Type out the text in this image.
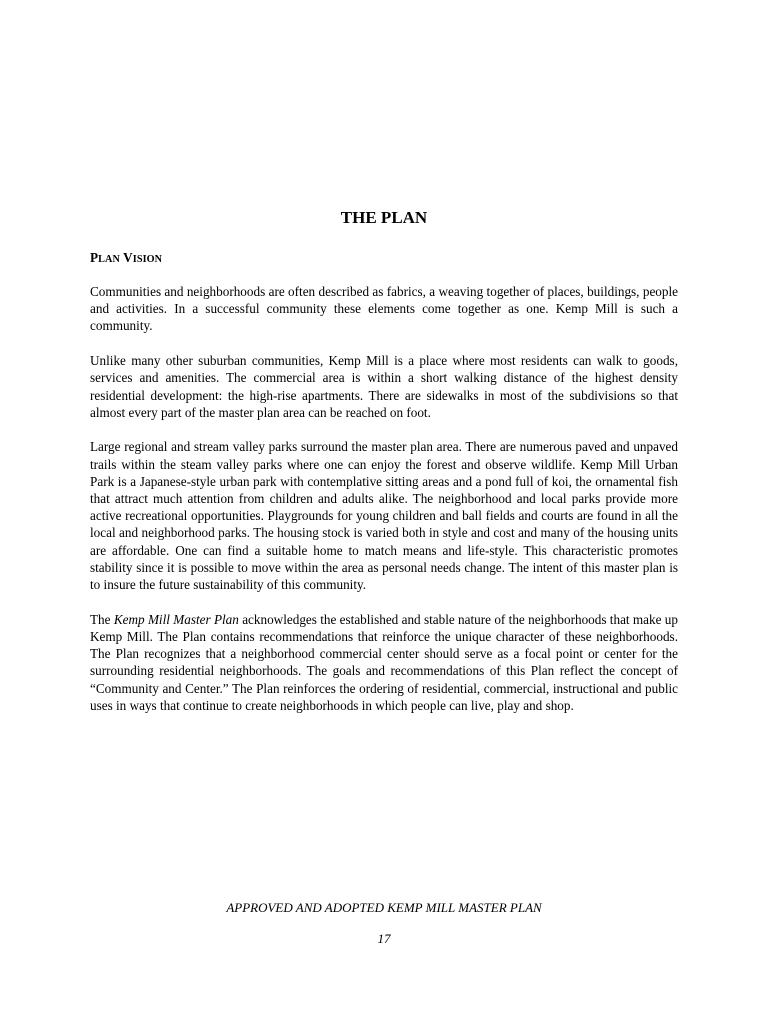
THE PLAN
PLAN VISION

Communities and neighborhoods are often described as fabrics, a weaving together of places, buildings, people and activities. In a successful community these elements come together as one. Kemp Mill is such a community.

Unlike many other suburban communities, Kemp Mill is a place where most residents can walk to goods, services and amenities. The commercial area is within a short walking distance of the highest density residential development: the high-rise apartments. There are sidewalks in most of the subdivisions so that almost every part of the master plan area can be reached on foot.

Large regional and stream valley parks surround the master plan area. There are numerous paved and unpaved trails within the steam valley parks where one can enjoy the forest and observe wildlife. Kemp Mill Urban Park is a Japanese-style urban park with contemplative sitting areas and a pond full of koi, the ornamental fish that attract much attention from children and adults alike. The neighborhood and local parks provide more active recreational opportunities. Playgrounds for young children and ball fields and courts are found in all the local and neighborhood parks. The housing stock is varied both in style and cost and many of the housing units are affordable. One can find a suitable home to match means and life-style. This characteristic promotes stability since it is possible to move within the area as personal needs change. The intent of this master plan is to insure the future sustainability of this community.

The Kemp Mill Master Plan acknowledges the established and stable nature of the neighborhoods that make up Kemp Mill. The Plan contains recommendations that reinforce the unique character of these neighborhoods. The Plan recognizes that a neighborhood commercial center should serve as a focal point or center for the surrounding residential neighborhoods. The goals and recommendations of this Plan reflect the concept of “Community and Center.” The Plan reinforces the ordering of residential, commercial, instructional and public uses in ways that continue to create neighborhoods in which people can live, play and shop.

APPROVED AND ADOPTED KEMP MILL MASTER PLAN
17
